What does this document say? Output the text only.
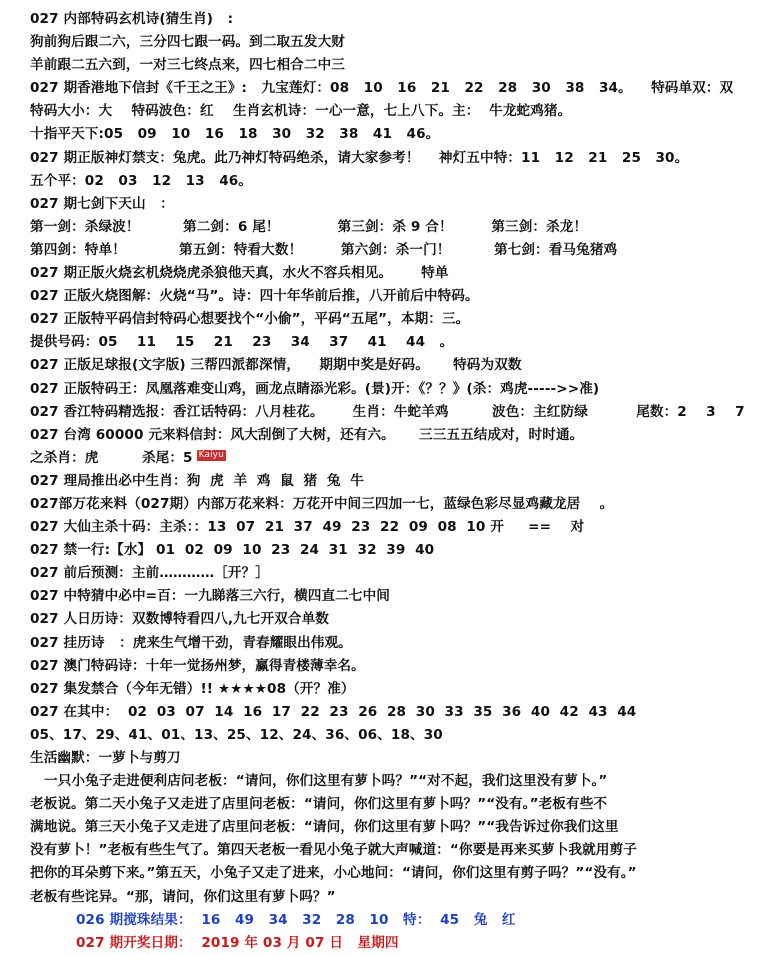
027 内部特码玄机诗(猜生肖)   :
狗前狗后跟二六，三分四七跟一码。到二取五发大财
羊前跟二五六到，一对三七终点来，四七相合二中三
027 期香港地下信封《千王之王》:   九宝莲灯：08   10   16   21   22   28   30   38   34。    特码单双：双
特码大小：大    特码波色：红    生肖玄机诗：一心一意，七上八下。主：  牛龙蛇鸡猪。
十指平天下:05   09   10   16   18   30   32   38   41   46。
027 期正版神灯禁支：兔虎。此乃神灯特码绝杀，请大家参考！    神灯五中特：11   12   21   25   30。
五个平：02   03   12   13   46。
027 期七剑下天山   ：
第一剑：杀绿波！         第二剑：6 尾！            第三剑：杀 9 合！        第三剑：杀龙！
第四剑：特单！           第五剑：特看大数！        第六剑：杀一门！         第七剑：看马兔猪鸡
027 期正版火烧玄机烧烧虎杀狼他天真，水火不容兵相见。      特单
027 正版火烧图解：火烧“马”。诗：四十年华前后推，八开前后中特码。
027 正版特平码信封特码心想要找个“小偷”，平码“五尾”，本期：三。
提供号码：05    11    15    21    23    34    37    41    44   。
027 正版足球报(文字版) 三帮四派都深情，    期期中奖是好码。     特码为双数
027 正版特码王：凤凰落难变山鸡，画龙点睛添光彩。(景)开：《？？》(杀：鸡虎----->>准)
027 香江特码精选报：香江话特码：八月桂花。      生肖：牛蛇羊鸡         波色：主红防绿          尾数：2    3    7
027 台湾 60000 元来料信封：风大刮倒了大树，还有六。     三三五五结成对，时时通。
之杀肖：虎         杀尾：5 Kaiyu
027 理局推出必中生肖：狗  虎  羊  鸡  鼠  猪  兔  牛
027部万花来料（027期）内部万花来料：万花开中间三四加一七，蓝绿色彩尽显鸡藏龙居    。
027 大仙主杀十码：主杀：：13  07  21  37  49  23  22  09  08  10 开     ==    对
027 禁一行:【水】 01  02  09  10  23  24  31  32  39  40
027 前后预测：主前…………［开？］
027 中特猜中必中=百：一九睇落三六行，横四直二七中间
027 人日历诗：双数博特看四八,九七开双合单数
027 挂历诗   ：虎来生气增干劲，青春耀眼出伟观。
027 澳门特码诗：十年一觉扬州梦，赢得青楼薄幸名。
027 集发禁合（今年无错）!! ★★★★08（开？准）
027 在其中：  02  03  07  14  16  17  22  23  26  28  30  33  35  36  40  42  43  44
05、17、29、41、01、13、25、12、24、36、06、18、30
生活幽默：一萝卜与剪刀
一只小兔子走进便利店问老板：“请问，你们这里有萝卜吗？”“对不起，我们这里没有萝卜。”
老板说。第二天小兔子又走进了店里问老板：“请问，你们这里有萝卜吗？”“没有。”老板有些不
满地说。第三天小兔子又走进了店里问老板：“请问，你们这里有萝卜吗？”“我告诉过你我们这里
没有萝卜！”老板有些生气了。第四天老板一看见小兔子就大声喊道：“你要是再来买萝卜我就用剪子
把你的耳朵剪下来。”第五天，小兔子又走了进来，小心地问：“请问，你们这里有剪子吗？”“没有。”
老板有些诧异。“那，请问，你们这里有萝卜吗？”
026 期搅珠结果：  16   49   34   32   28   10   特：  45   兔   红
027 期开奖日期：  2019 年 03 月 07 日   星期四
